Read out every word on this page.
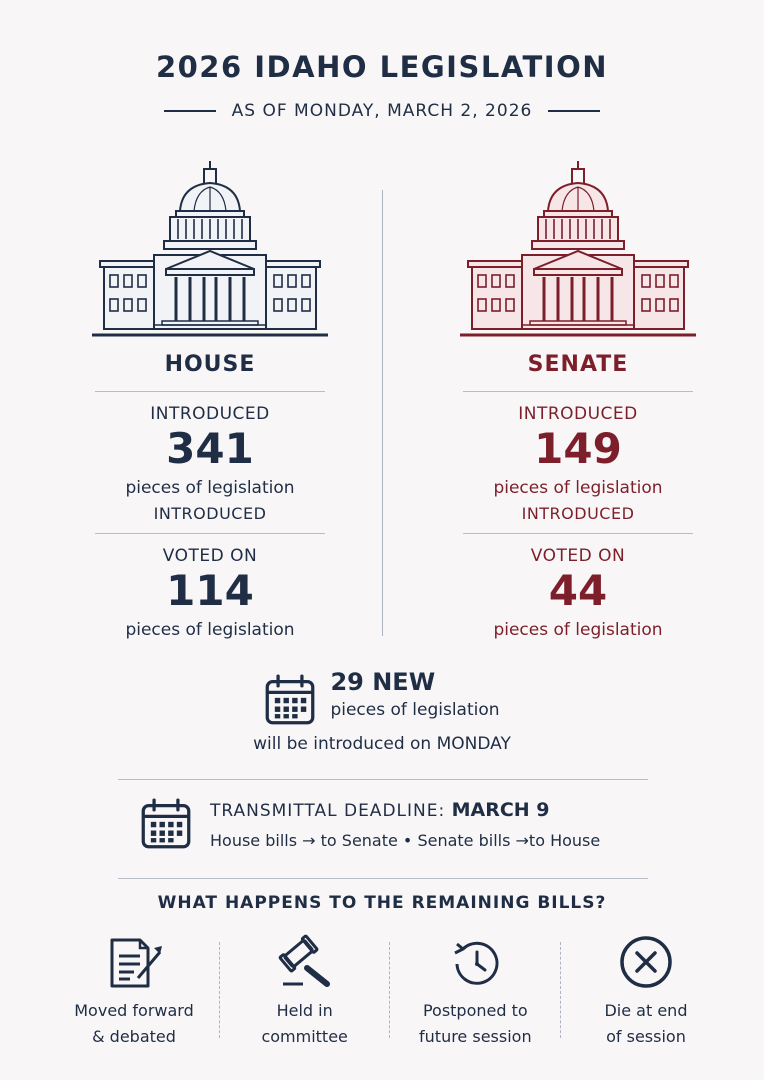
2026 IDAHO LEGISLATION
AS OF MONDAY, MARCH 2, 2026
HOUSE
INTRODUCED
341
pieces of legislation
INTRODUCED
VOTED ON
114
pieces of legislation
SENATE
INTRODUCED
149
pieces of legislation
INTRODUCED
VOTED ON
44
pieces of legislation
29 NEW
pieces of legislation
will be introduced on MONDAY
TRANSMITTAL DEADLINE: MARCH 9
House bills → to Senate • Senate bills →to House
WHAT HAPPENS TO THE REMAINING BILLS?
Moved forward
& debated
Held in
committee
Postponed to
future session
Die at end
of session
